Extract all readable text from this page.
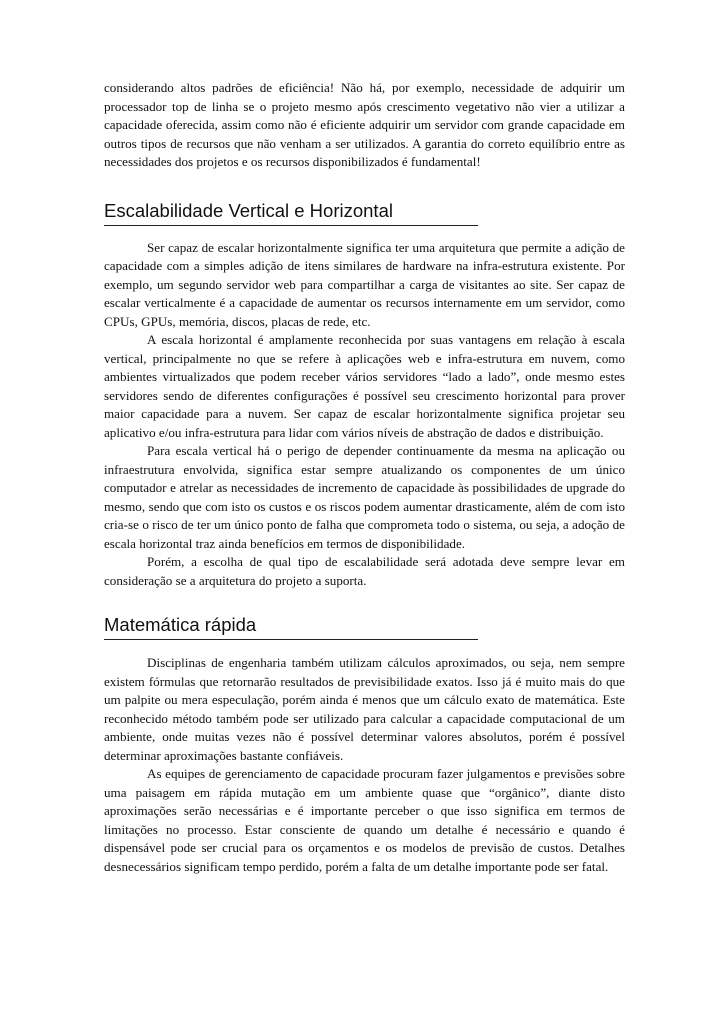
considerando altos padrões de eficiência! Não há, por exemplo, necessidade de adquirir um processador top de linha se o projeto mesmo após crescimento vegetativo não vier a utilizar a capacidade oferecida, assim como não é eficiente adquirir um servidor com grande capacidade em outros tipos de recursos que não venham a ser utilizados. A garantia do correto equilíbrio entre as necessidades dos projetos e os recursos disponibilizados é fundamental!

Escalabilidade Vertical e Horizontal

Ser capaz de escalar horizontalmente significa ter uma arquitetura que permite a adição de capacidade com a simples adição de itens similares de hardware na infra-estrutura existente. Por exemplo, um segundo servidor web para compartilhar a carga de visitantes ao site. Ser capaz de escalar verticalmente é a capacidade de aumentar os recursos internamente em um servidor, como CPUs, GPUs, memória, discos, placas de rede, etc.

A escala horizontal é amplamente reconhecida por suas vantagens em relação à escala vertical, principalmente no que se refere à aplicações web e infra-estrutura em nuvem, como ambientes virtualizados que podem receber vários servidores “lado a lado”, onde mesmo estes servidores sendo de diferentes configurações é possível seu crescimento horizontal para prover maior capacidade para a nuvem. Ser capaz de escalar horizontalmente significa projetar seu aplicativo e/ou infra-estrutura para lidar com vários níveis de abstração de dados e distribuição.

Para escala vertical há o perigo de depender continuamente da mesma na aplicação ou infraestrutura envolvida, significa estar sempre atualizando os componentes de um único computador e atrelar as necessidades de incremento de capacidade às possibilidades de upgrade do mesmo, sendo que com isto os custos e os riscos podem aumentar drasticamente, além de com isto cria-se o risco de ter um único ponto de falha que comprometa todo o sistema, ou seja, a adoção de escala horizontal traz ainda benefícios em termos de disponibilidade.

Porém, a escolha de qual tipo de escalabilidade será adotada deve sempre levar em consideração se a arquitetura do projeto a suporta.

Matemática rápida

Disciplinas de engenharia também utilizam cálculos aproximados, ou seja, nem sempre existem fórmulas que retornarão resultados de previsibilidade exatos. Isso já é muito mais do que um palpite ou mera especulação, porém ainda é menos que um cálculo exato de matemática. Este reconhecido método também pode ser utilizado para calcular a capacidade computacional de um ambiente, onde muitas vezes não é possível determinar valores absolutos, porém é possível determinar aproximações bastante confiáveis.

As equipes de gerenciamento de capacidade procuram fazer julgamentos e previsões sobre uma paisagem em rápida mutação em um ambiente quase que “orgânico”, diante disto aproximações serão necessárias e é importante perceber o que isso significa em termos de limitações no processo. Estar consciente de quando um detalhe é necessário e quando é dispensável pode ser crucial para os orçamentos e os modelos de previsão de custos. Detalhes desnecessários significam tempo perdido, porém a falta de um detalhe importante pode ser fatal.
